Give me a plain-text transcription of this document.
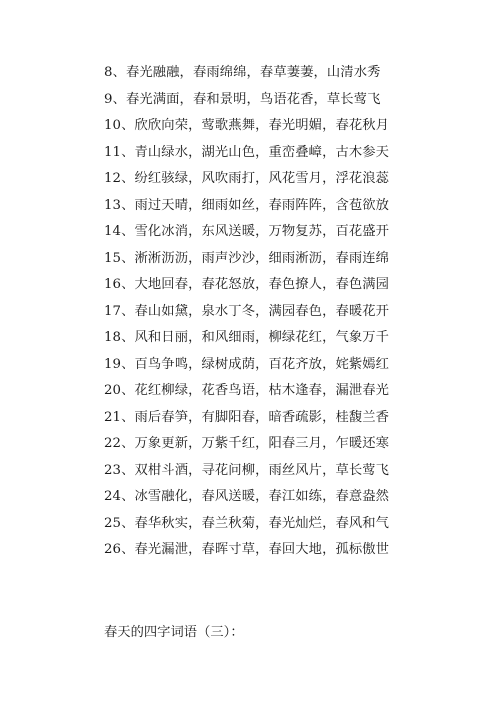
8、春光融融，春雨绵绵，春草萋萋，山清水秀
9、春光满面，春和景明，鸟语花香，草长莺飞
10、欣欣向荣，莺歌燕舞，春光明媚，春花秋月
11、青山绿水，湖光山色，重峦叠嶂，古木参天
12、纷红骇绿，风吹雨打，风花雪月，浮花浪蕊
13、雨过天晴，细雨如丝，春雨阵阵，含苞欲放
14、雪化冰消，东风送暖，万物复苏，百花盛开
15、淅淅沥沥，雨声沙沙，细雨淅沥，春雨连绵
16、大地回春，春花怒放，春色撩人，春色满园
17、春山如黛，泉水丁冬，满园春色，春暖花开
18、风和日丽，和风细雨，柳绿花红，气象万千
19、百鸟争鸣，绿树成荫，百花齐放，姹紫嫣红
20、花红柳绿，花香鸟语，枯木逢春，漏泄春光
21、雨后春笋，有脚阳春，暗香疏影，桂馥兰香
22、万象更新，万紫千红，阳春三月，乍暖还寒
23、双柑斗酒，寻花问柳，雨丝风片，草长莺飞
24、冰雪融化，春风送暖，春江如练，春意盎然
25、春华秋实，春兰秋菊，春光灿烂，春风和气
26、春光漏泄，春晖寸草，春回大地，孤标傲世
春天的四字词语（三）：
